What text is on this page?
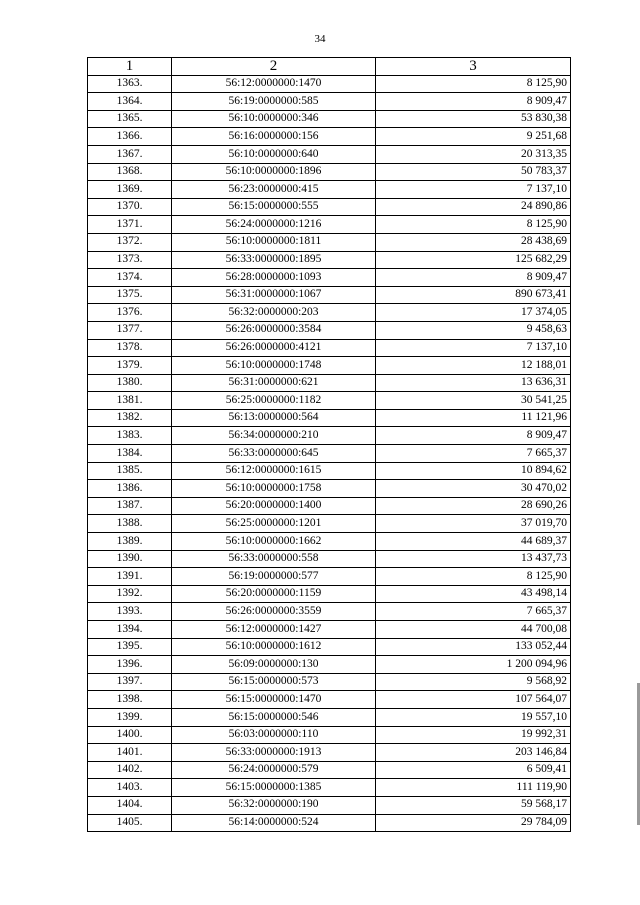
34
1	2	3
1363.	56:12:0000000:1470	8 125,90
1364.	56:19:0000000:585	8 909,47
1365.	56:10:0000000:346	53 830,38
1366.	56:16:0000000:156	9 251,68
1367.	56:10:0000000:640	20 313,35
1368.	56:10:0000000:1896	50 783,37
1369.	56:23:0000000:415	7 137,10
1370.	56:15:0000000:555	24 890,86
1371.	56:24:0000000:1216	8 125,90
1372.	56:10:0000000:1811	28 438,69
1373.	56:33:0000000:1895	125 682,29
1374.	56:28:0000000:1093	8 909,47
1375.	56:31:0000000:1067	890 673,41
1376.	56:32:0000000:203	17 374,05
1377.	56:26:0000000:3584	9 458,63
1378.	56:26:0000000:4121	7 137,10
1379.	56:10:0000000:1748	12 188,01
1380.	56:31:0000000:621	13 636,31
1381.	56:25:0000000:1182	30 541,25
1382.	56:13:0000000:564	11 121,96
1383.	56:34:0000000:210	8 909,47
1384.	56:33:0000000:645	7 665,37
1385.	56:12:0000000:1615	10 894,62
1386.	56:10:0000000:1758	30 470,02
1387.	56:20:0000000:1400	28 690,26
1388.	56:25:0000000:1201	37 019,70
1389.	56:10:0000000:1662	44 689,37
1390.	56:33:0000000:558	13 437,73
1391.	56:19:0000000:577	8 125,90
1392.	56:20:0000000:1159	43 498,14
1393.	56:26:0000000:3559	7 665,37
1394.	56:12:0000000:1427	44 700,08
1395.	56:10:0000000:1612	133 052,44
1396.	56:09:0000000:130	1 200 094,96
1397.	56:15:0000000:573	9 568,92
1398.	56:15:0000000:1470	107 564,07
1399.	56:15:0000000:546	19 557,10
1400.	56:03:0000000:110	19 992,31
1401.	56:33:0000000:1913	203 146,84
1402.	56:24:0000000:579	6 509,41
1403.	56:15:0000000:1385	111 119,90
1404.	56:32:0000000:190	59 568,17
1405.	56:14:0000000:524	29 784,09
